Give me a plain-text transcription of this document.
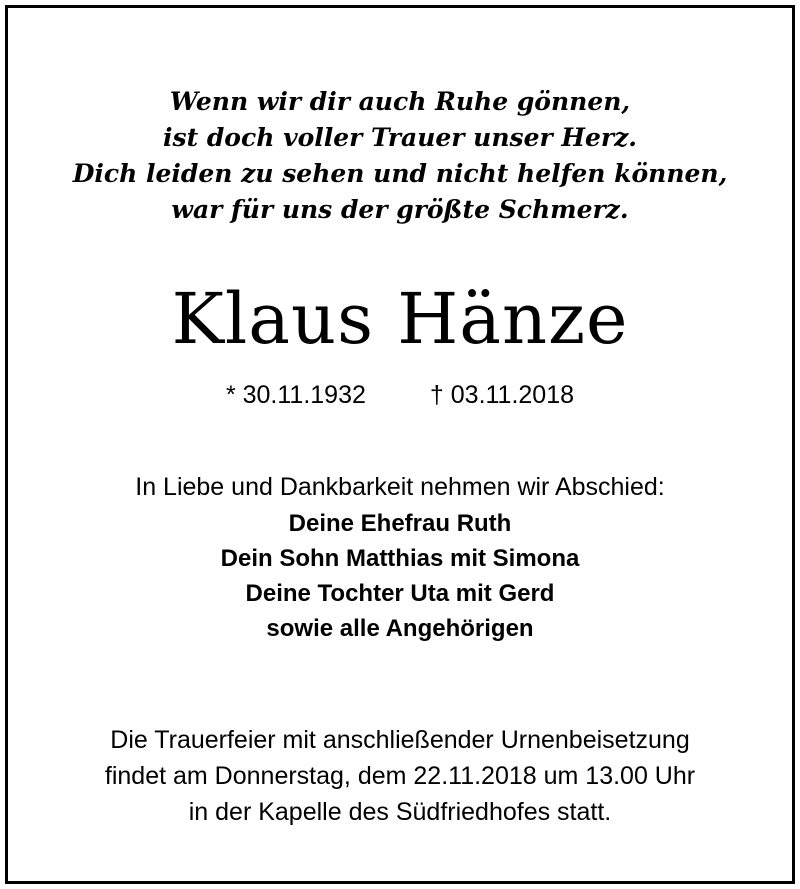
Wenn wir dir auch Ruhe gönnen,
ist doch voller Trauer unser Herz.
Dich leiden zu sehen und nicht helfen können,
war für uns der größte Schmerz.
Klaus Hänze
* 30.11.1932	† 03.11.2018
In Liebe und Dankbarkeit nehmen wir Abschied:
Deine Ehefrau Ruth
Dein Sohn Matthias mit Simona
Deine Tochter Uta mit Gerd
sowie alle Angehörigen
Die Trauerfeier mit anschließender Urnenbeisetzung
findet am Donnerstag, dem 22.11.2018 um 13.00 Uhr
in der Kapelle des Südfriedhofes statt.
